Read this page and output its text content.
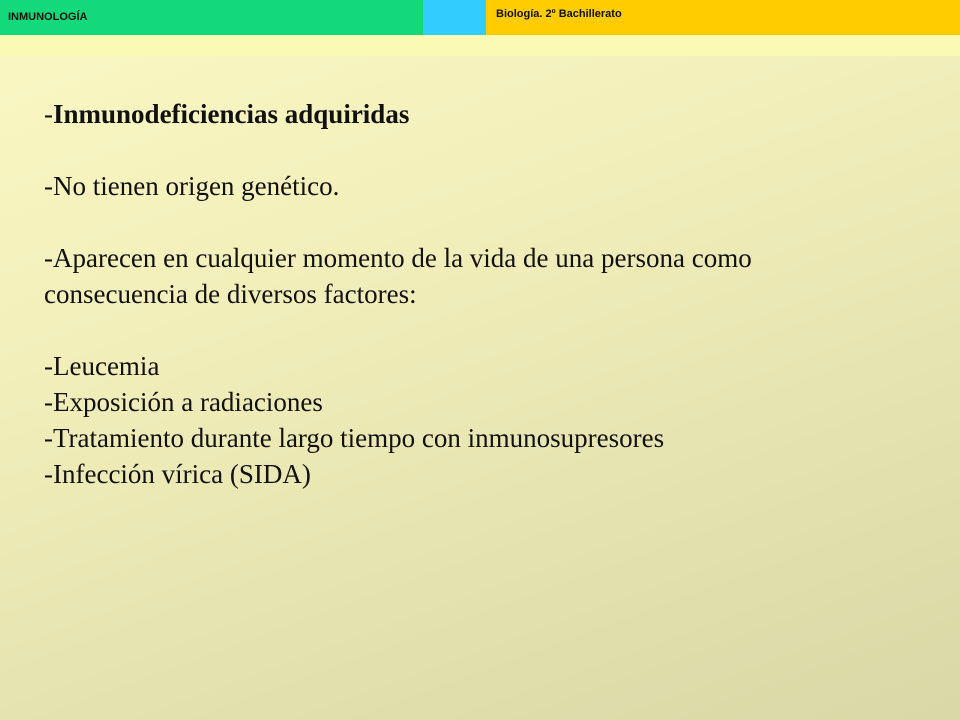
INMUNOLOGÍA	Biología. 2º Bachillerato
-Inmunodeficiencias adquiridas
-No tienen origen genético.
-Aparecen en cualquier momento de la vida de una persona como
consecuencia de diversos factores:
-Leucemia
-Exposición a radiaciones
-Tratamiento durante largo tiempo con inmunosupresores
-Infección vírica (SIDA)
